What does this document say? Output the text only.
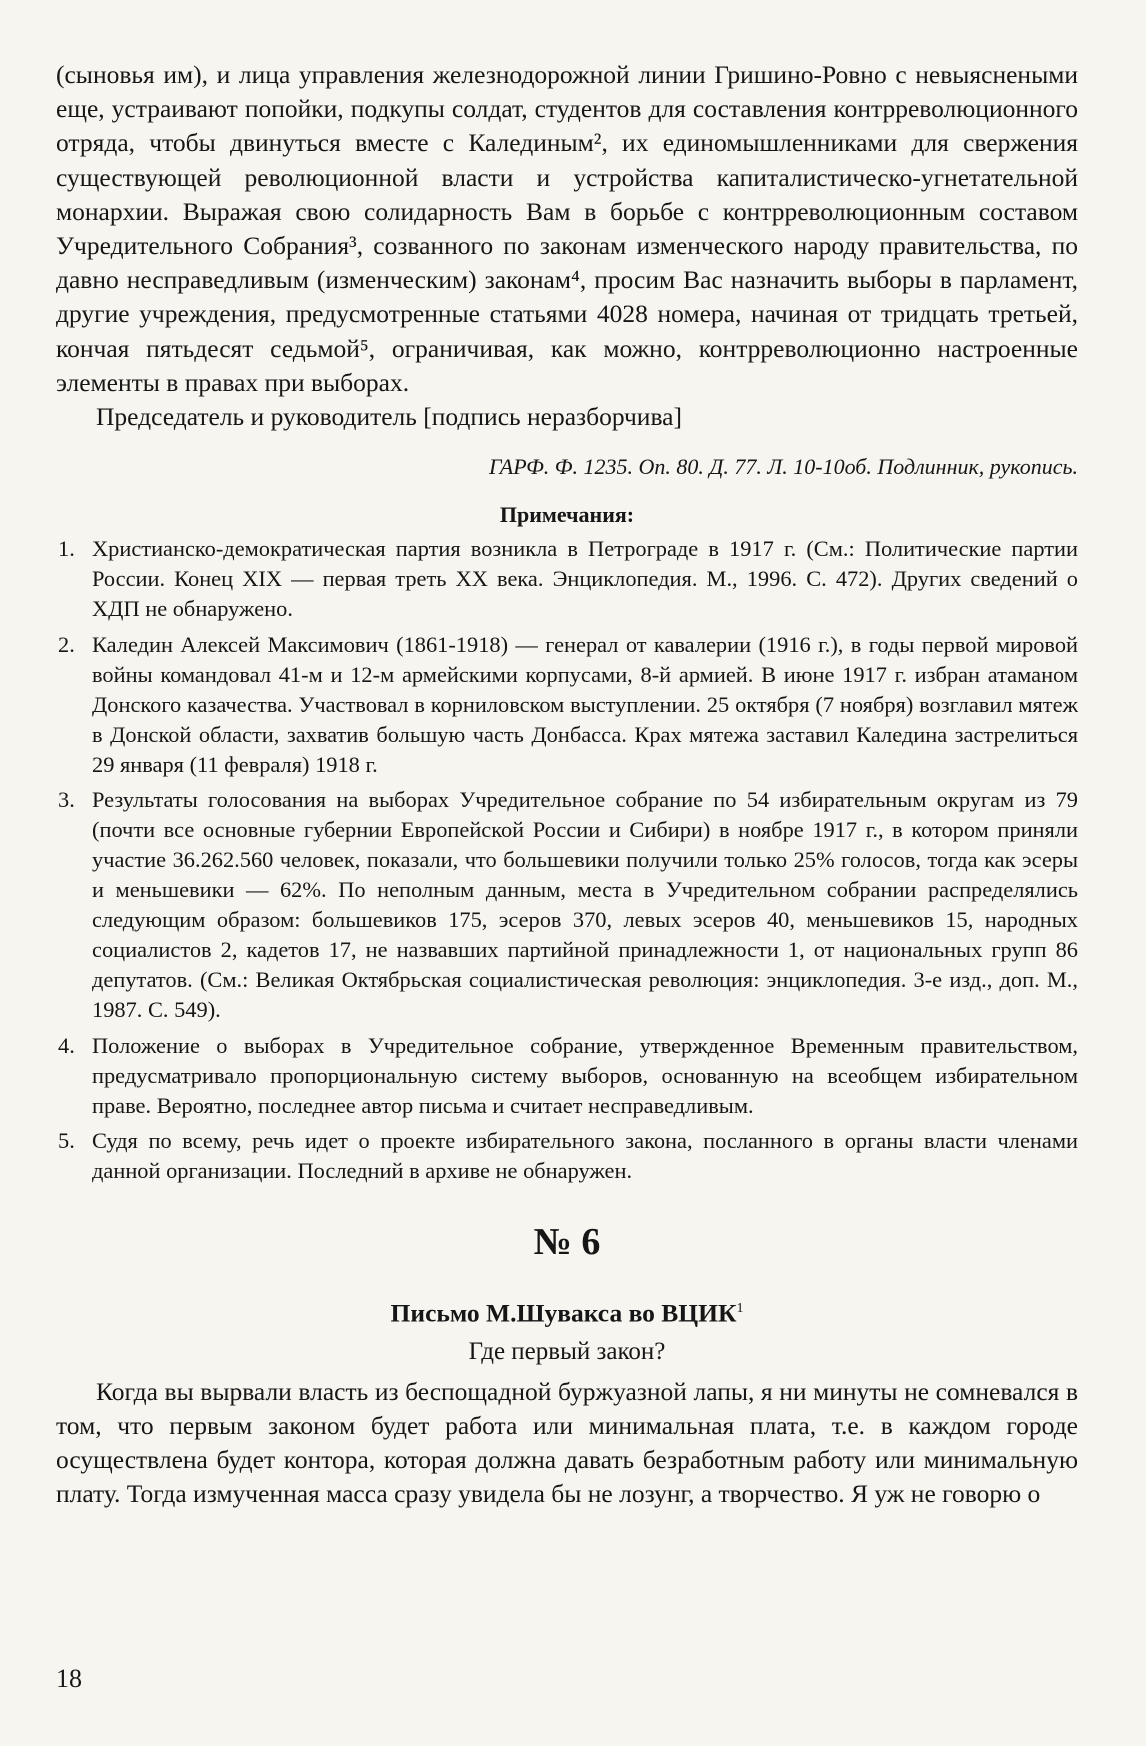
(сыновья им), и лица управления железнодорожной линии Гришино-Ровно с невыяснеными еще, устраивают попойки, подкупы солдат, студентов для составления контрреволюционного отряда, чтобы двинуться вместе с Калединым², их единомышленниками для свержения существующей революционной власти и устройства капиталистическо-угнетательной монархии. Выражая свою солидарность Вам в борьбе с контрреволюционным составом Учредительного Собрания³, созванного по законам изменческого народу правительства, по давно несправедливым (изменческим) законам⁴, просим Вас назначить выборы в парламент, другие учреждения, предусмотренные статьями 4028 номера, начиная от тридцать третьей, кончая пятьдесят седьмой⁵, ограничивая, как можно, контрреволюционно настроенные элементы в правах при выборах.

Председатель и руководитель [подпись неразборчива]

ГАРФ. Ф. 1235. Оп. 80. Д. 77. Л. 10-10об. Подлинник, рукопись.

Примечания:
1. Христианско-демократическая партия возникла в Петрограде в 1917 г. (См.: Политические партии России. Конец XIX — первая треть XX века. Энциклопедия. М., 1996. С. 472). Других сведений о ХДП не обнаружено.
2. Каледин Алексей Максимович (1861-1918) — генерал от кавалерии (1916 г.), в годы первой мировой войны командовал 41-м и 12-м армейскими корпусами, 8-й армией. В июне 1917 г. избран атаманом Донского казачества. Участвовал в корниловском выступлении. 25 октября (7 ноября) возглавил мятеж в Донской области, захватив большую часть Донбасса. Крах мятежа заставил Каледина застрелиться 29 января (11 февраля) 1918 г.
3. Результаты голосования на выборах Учредительное собрание по 54 избирательным округам из 79 (почти все основные губернии Европейской России и Сибири) в ноябре 1917 г., в котором приняли участие 36.262.560 человек, показали, что большевики получили только 25% голосов, тогда как эсеры и меньшевики — 62%. По неполным данным, места в Учредительном собрании распределялись следующим образом: большевиков 175, эсеров 370, левых эсеров 40, меньшевиков 15, народных социалистов 2, кадетов 17, не назвавших партийной принадлежности 1, от национальных групп 86 депутатов. (См.: Великая Октябрьская социалистическая революция: энциклопедия. 3-е изд., доп. М., 1987. С. 549).
4. Положение о выборах в Учредительное собрание, утвержденное Временным правительством, предусматривало пропорциональную систему выборов, основанную на всеобщем избирательном праве. Вероятно, последнее автор письма и считает несправедливым.
5. Судя по всему, речь идет о проекте избирательного закона, посланного в органы власти членами данной организации. Последний в архиве не обнаружен.
№ 6
Письмо М.Шувакса во ВЦИК$^1$
Где первый закон?

Когда вы вырвали власть из беспощадной буржуазной лапы, я ни минуты не сомневался в том, что первым законом будет работа или минимальная плата, т.е. в каждом городе осуществлена будет контора, которая должна давать безработным работу или минимальную плату. Тогда измученная масса сразу увидела бы не лозунг, а творчество. Я уж не говорю о

18
